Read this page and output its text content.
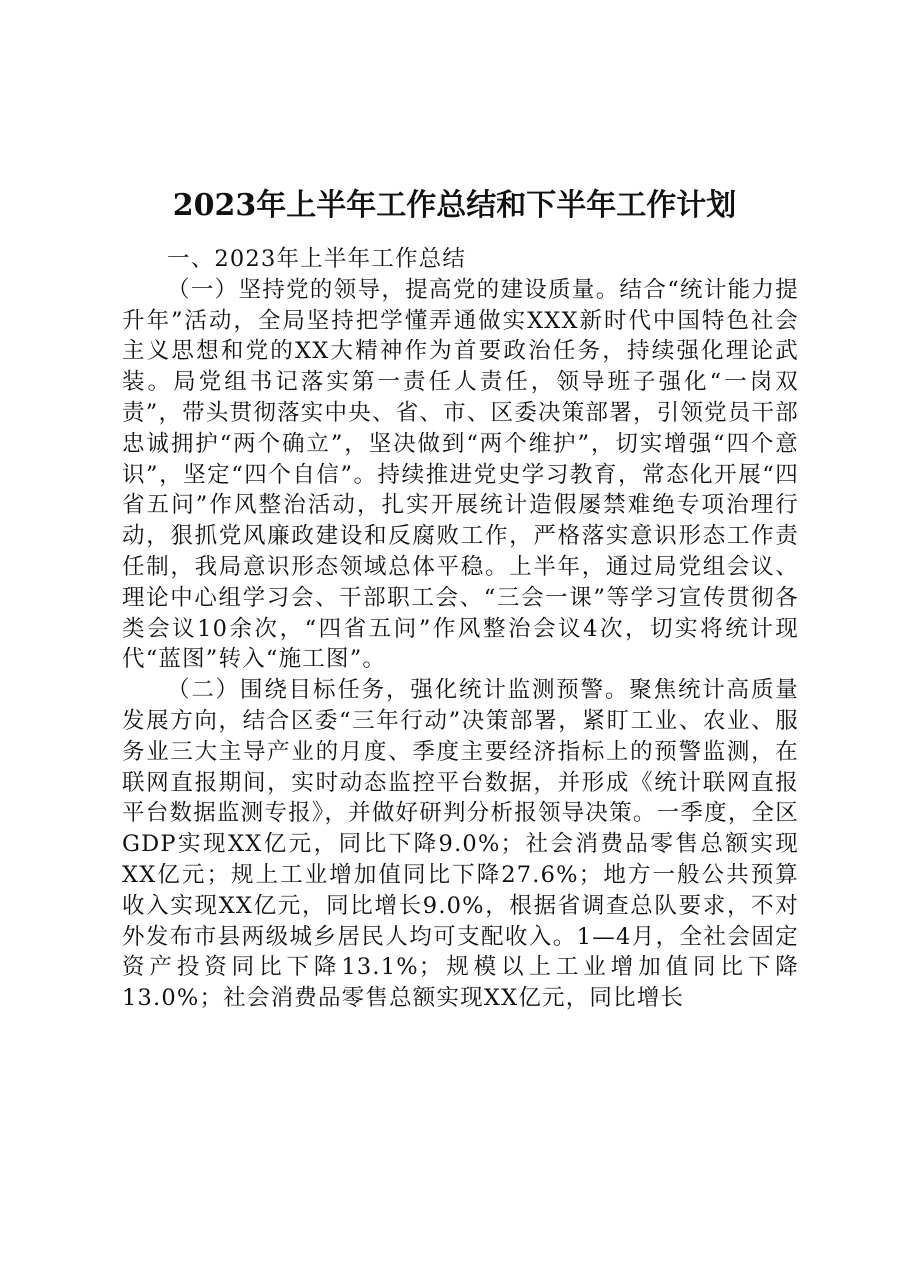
2023年上半年工作总结和下半年工作计划

一、2023年上半年工作总结

（一）坚持党的领导，提高党的建设质量。结合“统计能力提升年”活动，全局坚持把学懂弄通做实XXX新时代中国特色社会主义思想和党的XX大精神作为首要政治任务，持续强化理论武装。局党组书记落实第一责任人责任，领导班子强化“一岗双责”，带头贯彻落实中央、省、市、区委决策部署，引领党员干部忠诚拥护“两个确立”，坚决做到“两个维护”，切实增强“四个意识”，坚定“四个自信”。持续推进党史学习教育，常态化开展“四省五问”作风整治活动，扎实开展统计造假屡禁难绝专项治理行动，狠抓党风廉政建设和反腐败工作，严格落实意识形态工作责任制，我局意识形态领域总体平稳。上半年，通过局党组会议、理论中心组学习会、干部职工会、“三会一课”等学习宣传贯彻各类会议10余次，“四省五问”作风整治会议4次，切实将统计现代“蓝图”转入“施工图”。

（二）围绕目标任务，强化统计监测预警。聚焦统计高质量发展方向，结合区委“三年行动”决策部署，紧盯工业、农业、服务业三大主导产业的月度、季度主要经济指标上的预警监测，在联网直报期间，实时动态监控平台数据，并形成《统计联网直报平台数据监测专报》，并做好研判分析报领导决策。一季度，全区GDP实现XX亿元，同比下降9.0%；社会消费品零售总额实现XX亿元；规上工业增加值同比下降27.6%；地方一般公共预算收入实现XX亿元，同比增长9.0%，根据省调查总队要求，不对外发布市县两级城乡居民人均可支配收入。1—4月，全社会固定资产投资同比下降13.1%；规模以上工业增加值同比下降13.0%；社会消费品零售总额实现XX亿元，同比增长
